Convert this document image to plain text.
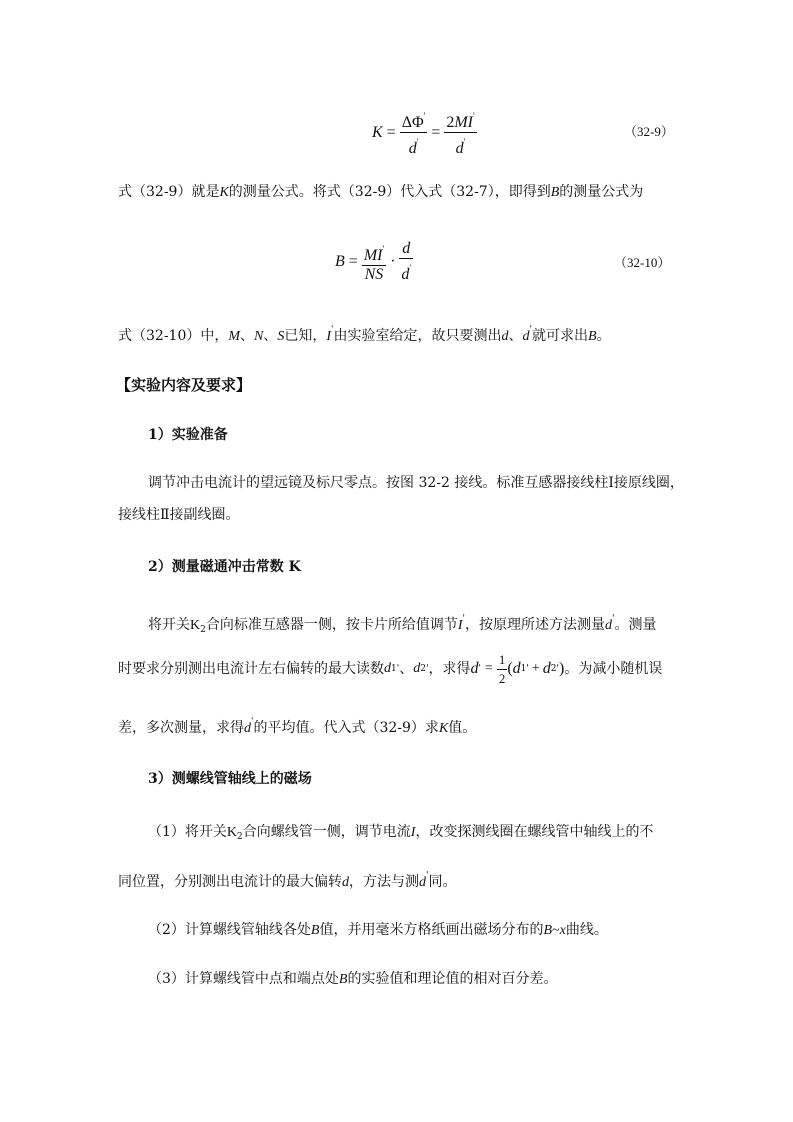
$K = \frac{\Delta\Phi'}{d'} = \frac{2MI'}{d'}$	（32-9）
式（32-9）就是K的测量公式。将式（32-9）代入式（32-7），即得到B的测量公式为
$B = \frac{MI'}{NS} \cdot \frac{d}{d'}$	（32-10）
式（32-10）中，M、N、S已知，I'由实验室给定，故只要测出d、d'就可求出B。
【实验内容及要求】
1）实验准备
调节冲击电流计的望远镜及标尺零点。按图 32-2 接线。标准互感器接线柱Ⅰ接原线圈，
接线柱Ⅱ接副线圈。
2）测量磁通冲击常数 K
将开关$K_2$合向标准互感器一侧，按卡片所给值调节I'，按原理所述方法测量d'。测量
时要求分别测出电流计左右偏转的最大读数 d 1 ' 、 d 2 ' ，求得 d ' = $\frac{1}{2}$ ( d 1 ' + d 2 ' ) 。为减小随机误
差，多次测量，求得d'的平均值。代入式（32-9）求K值。
3）测螺线管轴线上的磁场
（1）将开关$K_2$合向螺线管一侧，调节电流I，改变探测线圈在螺线管中轴线上的不
同位置，分别测出电流计的最大偏转d，方法与测d'同。
（2）计算螺线管轴线各处B值，并用毫米方格纸画出磁场分布的B~x曲线。
（3）计算螺线管中点和端点处B的实验值和理论值的相对百分差。
